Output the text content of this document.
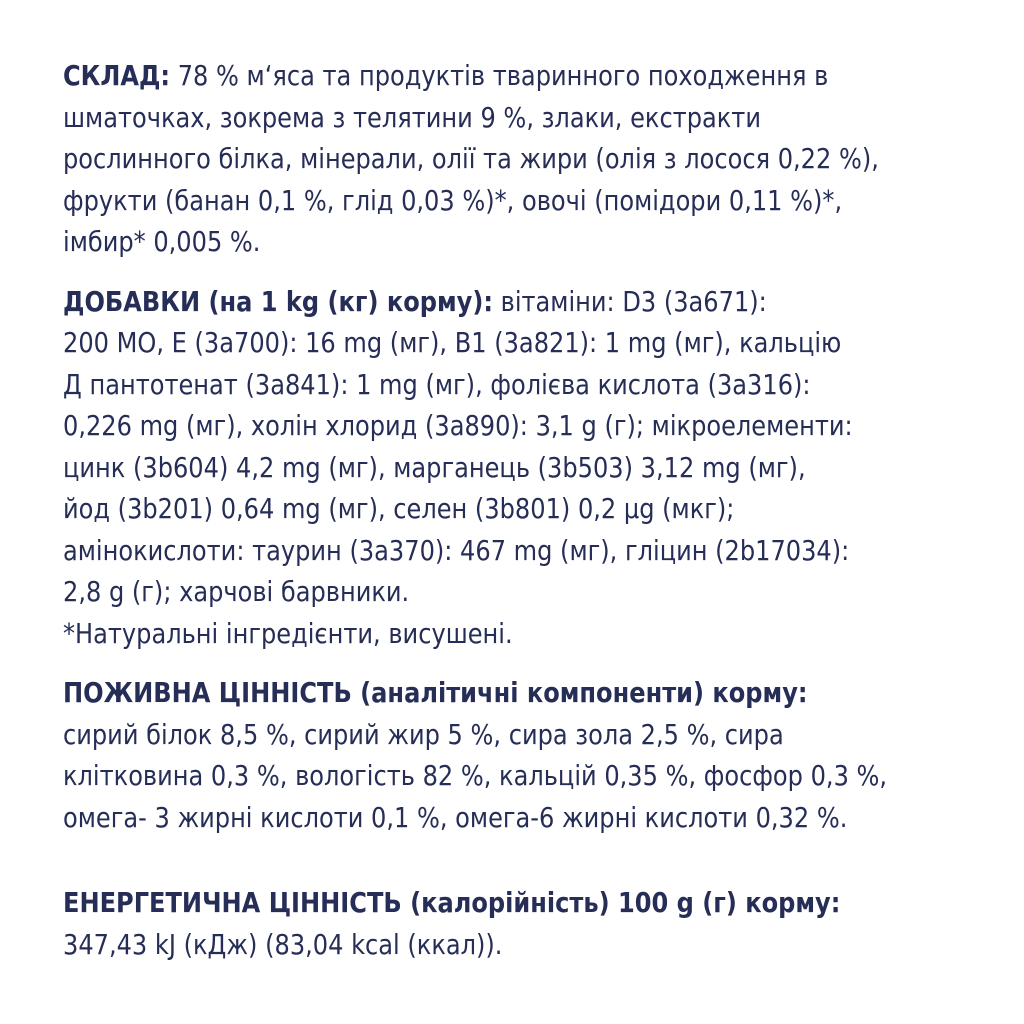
СКЛАД: 78 % м‘яса та продуктів тваринного походження в
шматочках, зокрема з телятини 9 %, злаки, екстракти
рослинного білка, мінерали, олії та жири (олія з лосося 0,22 %),
фрукти (банан 0,1 %, глід 0,03 %)*, овочі (помідори 0,11 %)*,
імбир* 0,005 %.
ДОБАВКИ (на 1 kg (кг) корму): вітаміни: D3 (3a671):
200 МО, E (3a700): 16 mg (мг), B1 (3a821): 1 mg (мг), кальцію
Д пантотенат (3a841): 1 mg (мг), фолієва кислота (3a316):
0,226 mg (мг), холін хлорид (3a890): 3,1 g (г); мікроелементи:
цинк (3b604) 4,2 mg (мг), марганець (3b503) 3,12 mg (мг),
йод (3b201) 0,64 mg (мг), селен (3b801) 0,2 µg (мкг);
амінокислоти: таурин (3a370): 467 mg (мг), гліцин (2b17034):
2,8 g (г); харчові барвники.
*Натуральні інгредієнти, висушені.
ПОЖИВНА ЦІННІСТЬ (аналітичні компоненти) корму:
сирий білок 8,5 %, сирий жир 5 %, сира зола 2,5 %, сира
клітковина 0,3 %, вологість 82 %, кальцій 0,35 %, фосфор 0,3 %,
омега- 3 жирні кислоти 0,1 %, омега-6 жирні кислоти 0,32 %.
ЕНЕРГЕТИЧНА ЦІННІСТЬ (калорійність) 100 g (г) корму:
347,43 kJ (кДж) (83,04 kcal (ккал)).
